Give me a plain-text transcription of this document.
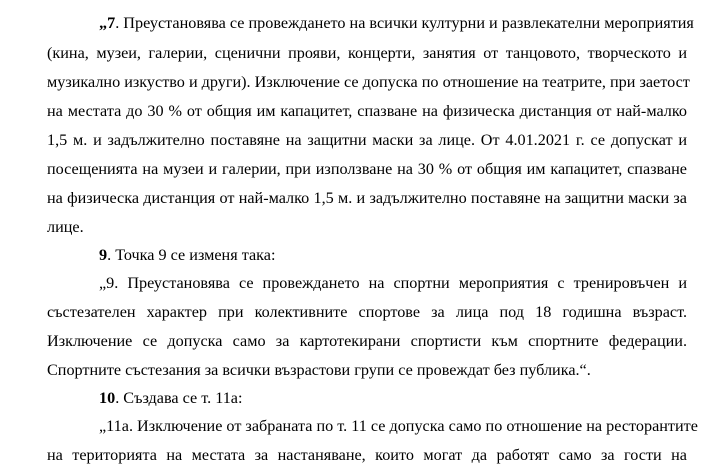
„7. Преустановява се провеждането на всички културни и развлекателни мероприятия
(кина, музеи, галерии, сценични прояви, концерти, занятия от танцовото, творческото и
музикално изкуство и други). Изключение се допуска по отношение на театрите, при заетост
на местата до 30 % от общия им капацитет, спазване на физическа дистанция от най-малко
1,5 м. и задължително поставяне на защитни маски за лице. От 4.01.2021 г. се допускат и
посещенията на музеи и галерии, при използване на 30 % от общия им капацитет, спазване
на физическа дистанция от най-малко 1,5 м. и задължително поставяне на защитни маски за
лице.
9. Точка 9 се изменя така:
„9. Преустановява се провеждането на спортни мероприятия с тренировъчен и
състезателен характер при колективните спортове за лица под 18 годишна възраст.
Изключение се допуска само за картотекирани спортисти към спортните федерации.
Спортните състезания за всички възрастови групи се провеждат без публика.“.
10. Създава се т. 11а:
„11а. Изключение от забраната по т. 11 се допуска само по отношение на ресторантите
на територията на местата за настаняване, които могат да работят само за гости на
